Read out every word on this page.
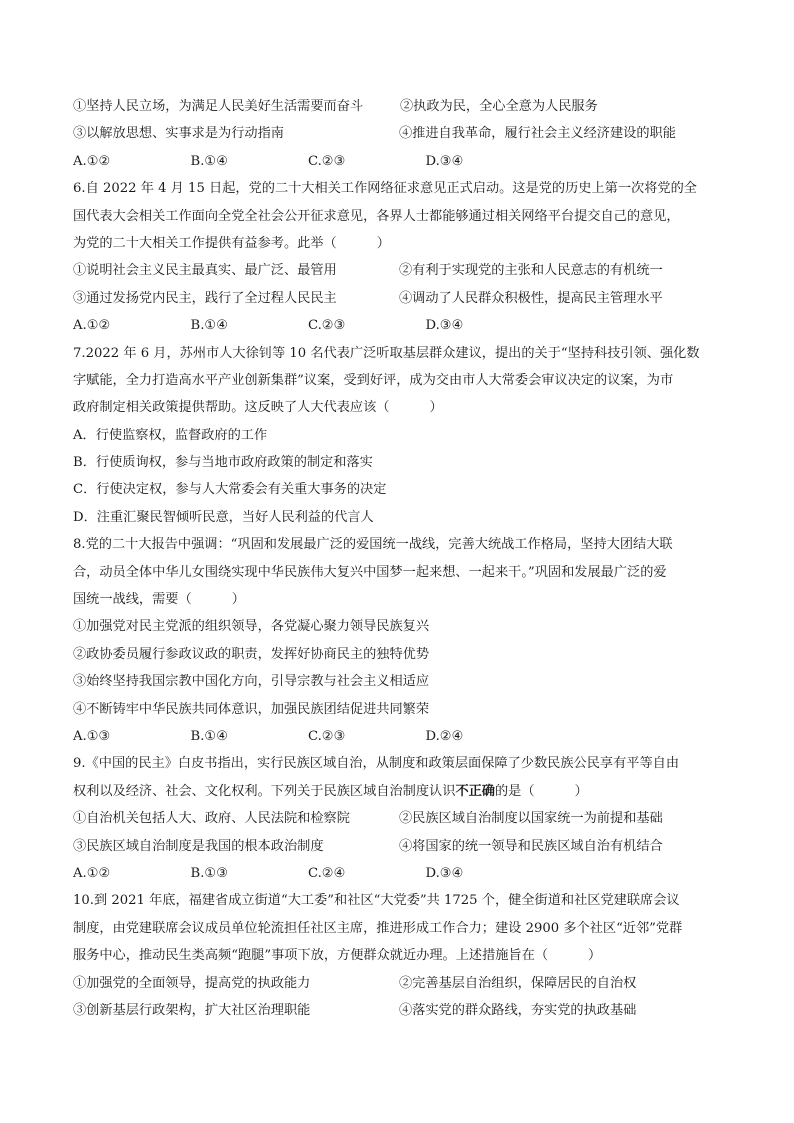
①坚持人民立场，为满足人民美好生活需要而奋斗	②执政为民，全心全意为人民服务
③以解放思想、实事求是为行动指南	④推进自我革命，履行社会主义经济建设的职能
A.①②	B.①④	C.②③	D.③④
6.自 2022 年 4 月 15 日起，党的二十大相关工作网络征求意见正式启动。这是党的历史上第一次将党的全
国代表大会相关工作面向全党全社会公开征求意见，各界人士都能够通过相关网络平台提交自己的意见，
为党的二十大相关工作提供有益参考。此举（	）
①说明社会主义民主最真实、最广泛、最管用	②有利于实现党的主张和人民意志的有机统一
③通过发扬党内民主，践行了全过程人民民主	④调动了人民群众积极性，提高民主管理水平
A.①②	B.①④	C.②③	D.③④
7.2022 年 6 月，苏州市人大徐钊等 10 名代表广泛听取基层群众建议，提出的关于“坚持科技引领、强化数
字赋能，全力打造高水平产业创新集群”议案，受到好评，成为交由市人大常委会审议决定的议案，为市
政府制定相关政策提供帮助。这反映了人大代表应该（	）
A．行使监察权，监督政府的工作
B．行使质询权，参与当地市政府政策的制定和落实
C．行使决定权，参与人大常委会有关重大事务的决定
D．注重汇聚民智倾听民意，当好人民利益的代言人
8.党的二十大报告中强调：“巩固和发展最广泛的爱国统一战线，完善大统战工作格局，坚持大团结大联
合，动员全体中华儿女围绕实现中华民族伟大复兴中国梦一起来想、一起来干。”巩固和发展最广泛的爱
国统一战线，需要（	）
①加强党对民主党派的组织领导，各党凝心聚力领导民族复兴
②政协委员履行参政议政的职责，发挥好协商民主的独特优势
③始终坚持我国宗教中国化方向，引导宗教与社会主义相适应
④不断铸牢中华民族共同体意识，加强民族团结促进共同繁荣
A.①③	B.①④	C.②③	D.②④
9.《中国的民主》白皮书指出，实行民族区域自治，从制度和政策层面保障了少数民族公民享有平等自由
权利以及经济、社会、文化权利。下列关于民族区域自治制度认识不正确的是（	）
①自治机关包括人大、政府、人民法院和检察院	②民族区域自治制度以国家统一为前提和基础
③民族区域自治制度是我国的根本政治制度	④将国家的统一领导和民族区域自治有机结合
A.①②	B.①③	C.②④	D.③④
10.到 2021 年底，福建省成立街道“大工委”和社区“大党委”共 1725 个，健全街道和社区党建联席会议
制度，由党建联席会议成员单位轮流担任社区主席，推进形成工作合力；建设 2900 多个社区“近邻”党群
服务中心，推动民生类高频“跑腿”事项下放，方便群众就近办理。上述措施旨在（	）
①加强党的全面领导，提高党的执政能力	②完善基层自治组织，保障居民的自治权
③创新基层行政架构，扩大社区治理职能	④落实党的群众路线，夯实党的执政基础
